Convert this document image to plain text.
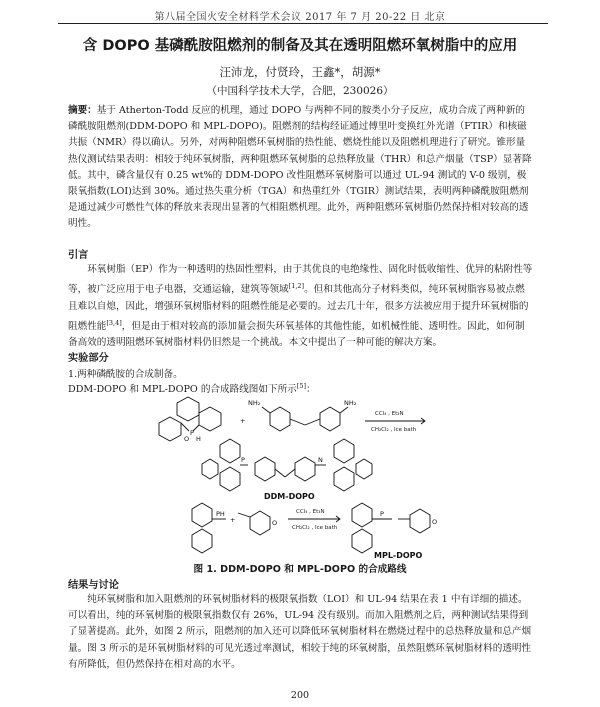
第八届全国火安全材料学术会议 2017 年 7 月 20-22 日 北京
含 DOPO 基磷酰胺阻燃剂的制备及其在透明阻燃环氧树脂中的应用
汪沛龙，付贤玲，王鑫*，胡源*
（中国科学技术大学，合肥，230026）

摘要：基于 Atherton-Todd 反应的机理，通过 DOPO 与两种不同的胺类小分子反应，成功合成了两种新的磷酰胺阻燃剂(DDM-DOPO 和 MPL-DOPO)。阻燃剂的结构经证通过傅里叶变换红外光谱（FTIR）和核磁共振（NMR）得以确认。另外，对两种阻燃环氧树脂的热性能、燃烧性能以及阻燃机理进行了研究。锥形量热仪测试结果表明：相较于纯环氧树脂，两种阻燃环氧树脂的总热释放量（THR）和总产烟量（TSP）显著降低。其中，磷含量仅有 0.25 wt%的 DDM-DOPO 改性阻燃环氧树脂可以通过 UL-94 测试的 V-0 级别，极限氧指数(LOI)达到 30%。通过热失重分析（TGA）和热重红外（TGIR）测试结果，表明两种磷酰胺阻燃剂是通过减少可燃性气体的释放来表现出显著的气相阻燃机理。此外，两种阻燃环氧树脂仍然保持相对较高的透明性。

引言

环氧树脂（EP）作为一种透明的热固性塑料，由于其优良的电绝缘性、固化时低收缩性、优异的粘附性等等，被广泛应用于电子电器，交通运输，建筑等领域[1,2]。但和其他高分子材料类似，纯环氧树脂容易被点燃且难以自熄，因此，增强环氧树脂材料的阻燃性能是必要的。过去几十年，很多方法被应用于提升环氧树脂的阻燃性能[3,4]，但是由于相对较高的添加量会损失环氧基体的其他性能，如机械性能、透明性。因此，如何制备高效的透明阻燃环氧树脂材料仍旧然是一个挑战。本文中提出了一种可能的解决方案。

实验部分
1.两种磷酰胺的合成制备。
DDM-DOPO 和 MPL-DOPO 的合成路线图如下所示[5]：
P
O H
+
NH₂	NH₂
CCl₄ , Et₃N
CH₂Cl₂ , Ice bath
P	N
DDM-DOPO
PH
+	O
CCl₄ , Et₃N
CH₂Cl₂ , Ice bath
P
O
MPL-DOPO
图 1. DDM-DOPO 和 MPL-DOPO 的合成路线
结果与讨论

纯环氧树脂和加入阻燃剂的环氧树脂材料的极限氧指数（LOI）和 UL-94 结果在表 1 中有详细的描述。可以看出，纯的环氧树脂的极限氧指数仅有 26%，UL-94 没有级别。而加入阻燃剂之后，两种测试结果得到了显著提高。此外，如图 2 所示，阻燃剂的加入还可以降低环氧树脂材料在燃烧过程中的总热释放量和总产烟量。图 3 所示的是环氧树脂材料的可见光透过率测试，相较于纯的环氧树脂，虽然阻燃环氧树脂材料的透明性有所降低，但仍然保持在相对高的水平。

200
